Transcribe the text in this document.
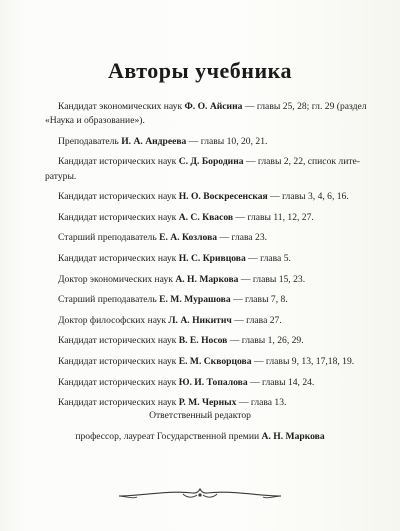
Авторы учебника
Кандидат экономических наук Ф. О. Айсина — главы 25, 28; гл. 29 (раздел
«Наука и образование»).
Преподаватель И. А. Андреева — главы 10, 20, 21.
Кандидат исторических наук С. Д. Бородина — главы 2, 22, список лите-
ратуры.
Кандидат исторических наук Н. О. Воскресенская — главы 3, 4, 6, 16.
Кандидат исторических наук А. С. Квасов — главы 11, 12, 27.
Старший преподаватель Е. А. Козлова — глава 23.
Кандидат исторических наук Н. С. Кривцова — глава 5.
Доктор экономических наук А. Н. Маркова — главы 15, 23.
Старший преподаватель Е. М. Мурашова — главы 7, 8.
Доктор философских наук Л. А. Никитич — глава 27.
Кандидат исторических наук В. Е. Носов — главы 1, 26, 29.
Кандидат исторических наук Е. М. Скворцова — главы 9, 13, 17,18, 19.
Кандидат исторических наук Ю. И. Топалова — главы 14, 24.
Кандидат исторических наук Р. М. Черных — глава 13.
Ответственный редактор
профессор, лауреат Государственной премии А. Н. Маркова
